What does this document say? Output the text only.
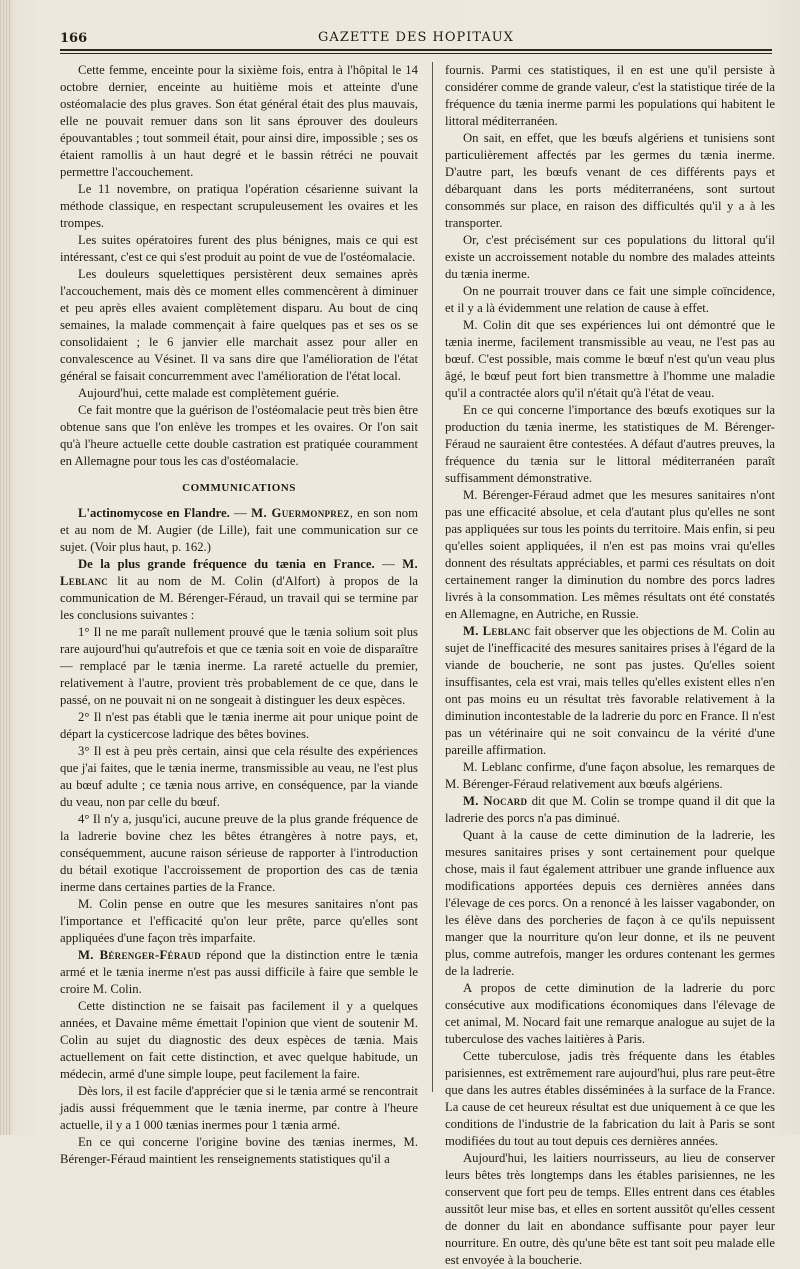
166	GAZETTE DES HOPITAUX

Cette femme, enceinte pour la sixième fois, entra à l'hôpital le 14 octobre dernier, enceinte au huitième mois et atteinte d'une ostéomalacie des plus graves. Son état général était des plus mauvais, elle ne pouvait remuer dans son lit sans éprouver des douleurs épouvantables ; tout sommeil était, pour ainsi dire, impossible ; ses os étaient ramollis à un haut degré et le bassin rétréci ne pouvait permettre l'accouchement.

Le 11 novembre, on pratiqua l'opération césarienne suivant la méthode classique, en respectant scrupuleusement les ovaires et les trompes.

Les suites opératoires furent des plus bénignes, mais ce qui est intéressant, c'est ce qui s'est produit au point de vue de l'ostéomalacie.

Les douleurs squelettiques persistèrent deux semaines après l'accouchement, mais dès ce moment elles commencèrent à diminuer et peu après elles avaient complètement disparu. Au bout de cinq semaines, la malade commençait à faire quelques pas et ses os se consolidaient ; le 6 janvier elle marchait assez pour aller en convalescence au Vésinet. Il va sans dire que l'amélioration de l'état général se faisait concurremment avec l'amélioration de l'état local.

Aujourd'hui, cette malade est complètement guérie.

Ce fait montre que la guérison de l'ostéomalacie peut très bien être obtenue sans que l'on enlève les trompes et les ovaires. Or l'on sait qu'à l'heure actuelle cette double castration est pratiquée couramment en Allemagne pour tous les cas d'ostéomalacie.

COMMUNICATIONS

L'actinomycose en Flandre. — M. Guermonprez, en son nom et au nom de M. Augier (de Lille), fait une communication sur ce sujet. (Voir plus haut, p. 162.)

De la plus grande fréquence du tænia en France. — M. Leblanc lit au nom de M. Colin (d'Alfort) à propos de la communication de M. Bérenger-Féraud, un travail qui se termine par les conclusions suivantes :

1° Il ne me paraît nullement prouvé que le tænia solium soit plus rare aujourd'hui qu'autrefois et que ce tænia soit en voie de disparaître — remplacé par le tænia inerme. La rareté actuelle du premier, relativement à l'autre, provient très probablement de ce que, dans le passé, on ne pouvait ni on ne songeait à distinguer les deux espèces.

2° Il n'est pas établi que le tænia inerme ait pour unique point de départ la cysticercose ladrique des bêtes bovines.

3° Il est à peu près certain, ainsi que cela résulte des expériences que j'ai faites, que le tænia inerme, transmissible au veau, ne l'est plus au bœuf adulte ; ce tænia nous arrive, en conséquence, par la viande du veau, non par celle du bœuf.

4° Il n'y a, jusqu'ici, aucune preuve de la plus grande fréquence de la ladrerie bovine chez les bêtes étrangères à notre pays, et, conséquemment, aucune raison sérieuse de rapporter à l'introduction du bétail exotique l'accroissement de proportion des cas de tænia inerme dans certaines parties de la France.

M. Colin pense en outre que les mesures sanitaires n'ont pas l'importance et l'efficacité qu'on leur prête, parce qu'elles sont appliquées d'une façon très imparfaite.

M. Bérenger-Féraud répond que la distinction entre le tænia armé et le tænia inerme n'est pas aussi difficile à faire que semble le croire M. Colin.

Cette distinction ne se faisait pas facilement il y a quelques années, et Davaine même émettait l'opinion que vient de soutenir M. Colin au sujet du diagnostic des deux espèces de tænia. Mais actuellement on fait cette distinction, et avec quelque habitude, un médecin, armé d'une simple loupe, peut facilement la faire.

Dès lors, il est facile d'apprécier que si le tænia armé se rencontrait jadis aussi fréquemment que le tænia inerme, par contre à l'heure actuelle, il y a 1 000 tænias inermes pour 1 tænia armé.

En ce qui concerne l'origine bovine des tænias inermes, M. Bérenger-Féraud maintient les renseignements statistiques qu'il a

fournis. Parmi ces statistiques, il en est une qu'il persiste à considérer comme de grande valeur, c'est la statistique tirée de la fréquence du tænia inerme parmi les populations qui habitent le littoral méditerranéen.

On sait, en effet, que les bœufs algériens et tunisiens sont particulièrement affectés par les germes du tænia inerme. D'autre part, les bœufs venant de ces différents pays et débarquant dans les ports méditerranéens, sont surtout consommés sur place, en raison des difficultés qu'il y a à les transporter.

Or, c'est précisément sur ces populations du littoral qu'il existe un accroissement notable du nombre des malades atteints du tænia inerme.

On ne pourrait trouver dans ce fait une simple coïncidence, et il y a là évidemment une relation de cause à effet.

M. Colin dit que ses expériences lui ont démontré que le tænia inerme, facilement transmissible au veau, ne l'est pas au bœuf. C'est possible, mais comme le bœuf n'est qu'un veau plus âgé, le bœuf peut fort bien transmettre à l'homme une maladie qu'il a contractée alors qu'il n'était qu'à l'état de veau.

En ce qui concerne l'importance des bœufs exotiques sur la production du tænia inerme, les statistiques de M. Bérenger-Féraud ne sauraient être contestées. A défaut d'autres preuves, la fréquence du tænia sur le littoral méditerranéen paraît suffisamment démonstrative.

M. Bérenger-Féraud admet que les mesures sanitaires n'ont pas une efficacité absolue, et cela d'autant plus qu'elles ne sont pas appliquées sur tous les points du territoire. Mais enfin, si peu qu'elles soient appliquées, il n'en est pas moins vrai qu'elles donnent des résultats appréciables, et parmi ces résultats on doit certainement ranger la diminution du nombre des porcs ladres livrés à la consommation. Les mêmes résultats ont été constatés en Allemagne, en Autriche, en Russie.

M. Leblanc fait observer que les objections de M. Colin au sujet de l'inefficacité des mesures sanitaires prises à l'égard de la viande de boucherie, ne sont pas justes. Qu'elles soient insuffisantes, cela est vrai, mais telles qu'elles existent elles n'en ont pas moins eu un résultat très favorable relativement à la diminution incontestable de la ladrerie du porc en France. Il n'est pas un vétérinaire qui ne soit convaincu de la vérité d'une pareille affirmation.

M. Leblanc confirme, d'une façon absolue, les remarques de M. Bérenger-Féraud relativement aux bœufs algériens.

M. Nocard dit que M. Colin se trompe quand il dit que la ladrerie des porcs n'a pas diminué.

Quant à la cause de cette diminution de la ladrerie, les mesures sanitaires prises y sont certainement pour quelque chose, mais il faut également attribuer une grande influence aux modifications apportées depuis ces dernières années dans l'élevage de ces porcs. On a renoncé à les laisser vagabonder, on les élève dans des porcheries de façon à ce qu'ils nepuissent manger que la nourriture qu'on leur donne, et ils ne peuvent plus, comme autrefois, manger les ordures contenant les germes de la ladrerie.

A propos de cette diminution de la ladrerie du porc consécutive aux modifications économiques dans l'élevage de cet animal, M. Nocard fait une remarque analogue au sujet de la tuberculose des vaches laitières à Paris.

Cette tuberculose, jadis très fréquente dans les étables parisiennes, est extrêmement rare aujourd'hui, plus rare peut-être que dans les autres étables disséminées à la surface de la France. La cause de cet heureux résultat est due uniquement à ce que les conditions de l'industrie de la fabrication du lait à Paris se sont modifiées du tout au tout depuis ces dernières années.

Aujourd'hui, les laitiers nourrisseurs, au lieu de conserver leurs bêtes très longtemps dans les étables parisiennes, ne les conservent que fort peu de temps. Elles entrent dans ces étables aussitôt leur mise bas, et elles en sortent aussitôt qu'elles cessent de donner du lait en abondance suffisante pour payer leur nourriture. En outre, dès qu'une bête est tant soit peu malade elle est envoyée à la boucherie.
